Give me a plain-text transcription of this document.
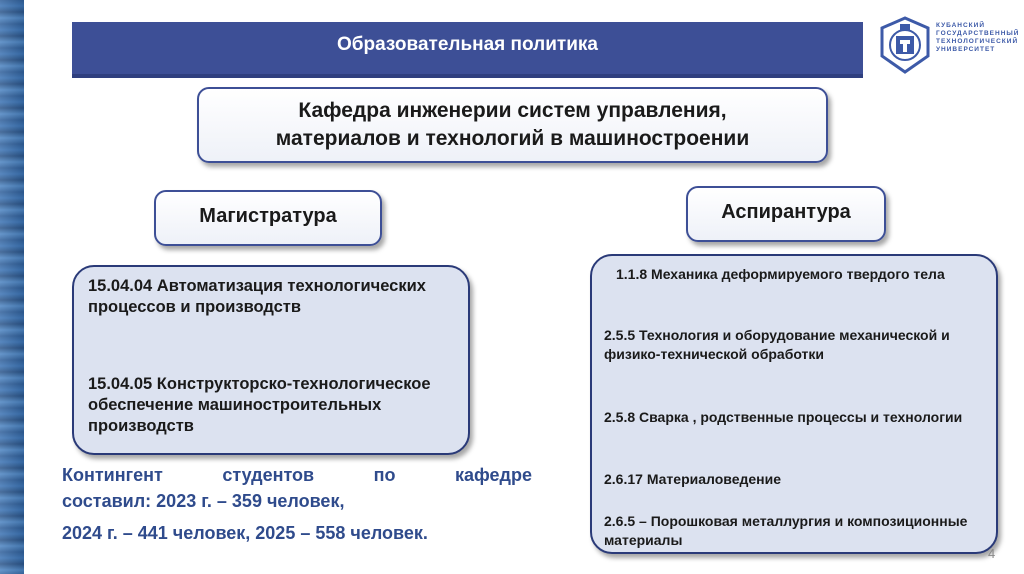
Образовательная политика
КУБАНСКИЙ
ГОСУДАРСТВЕННЫЙ
ТЕХНОЛОГИЧЕСКИЙ
УНИВЕРСИТЕТ
Кафедра инженерии систем управления,
материалов и технологий в машиностроении
Магистратура	Аспирантура
15.04.04 Автоматизация технологических процессов и производств
15.04.05 Конструкторско-технологическое обеспечение машиностроительных производств
1.1.8 Механика деформируемого твердого тела
2.5.5 Технология и оборудование механической и физико-технической обработки
2.5.8 Сварка , родственные процессы и технологии
2.6.17 Материаловедение
2.6.5 – Порошковая металлургия и композиционные материалы
Контингент студентов по кафедре
составил: 2023 г. – 359 человек,
2024 г. – 441 человек, 2025 – 558 человек.
4
